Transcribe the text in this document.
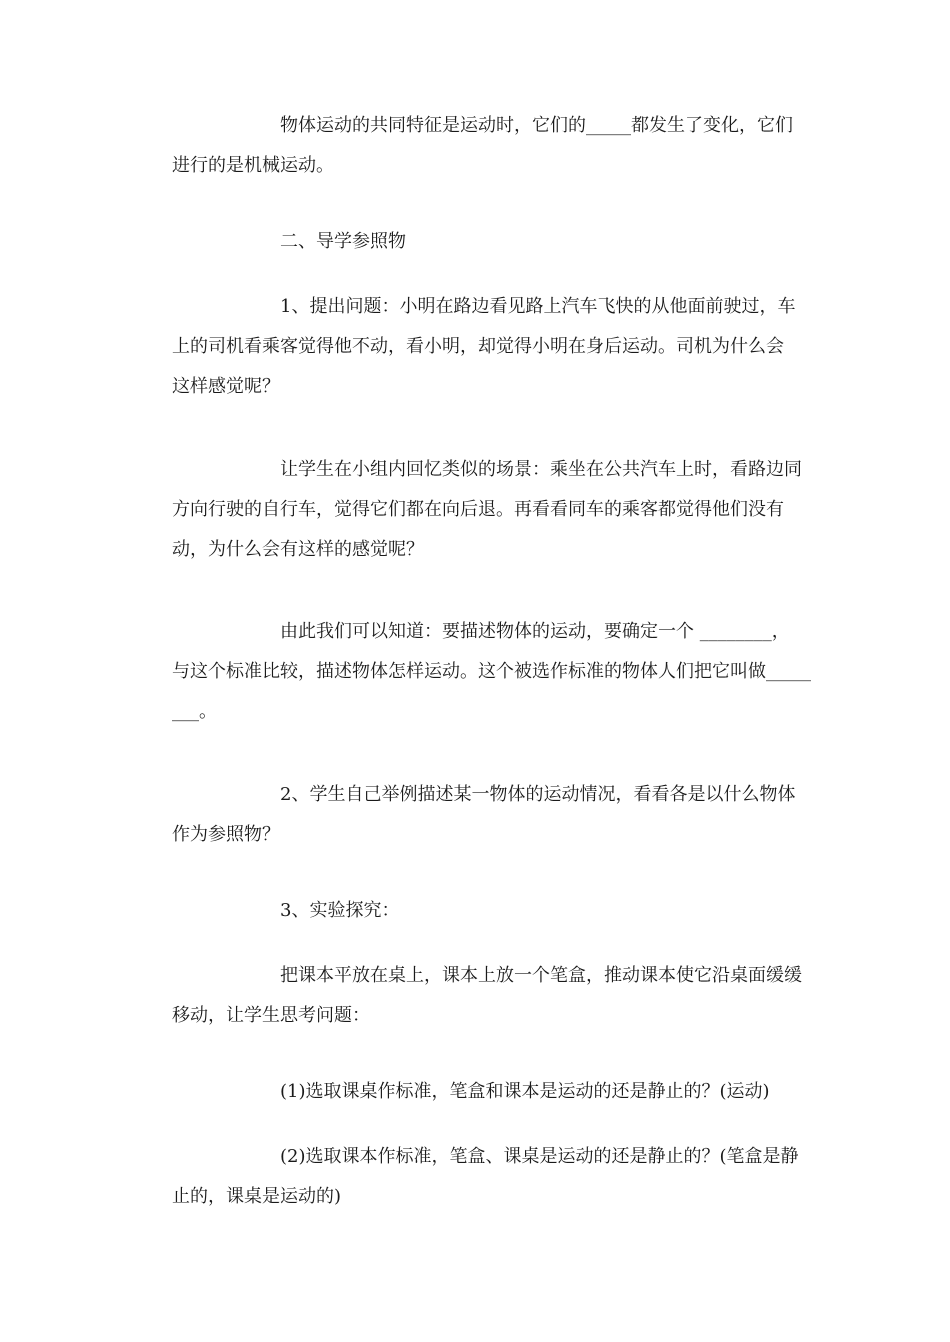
物体运动的共同特征是运动时，它们的_____都发生了变化，它们
进行的是机械运动。
二、导学参照物
1、提出问题：小明在路边看见路上汽车飞快的从他面前驶过，车
上的司机看乘客觉得他不动，看小明，却觉得小明在身后运动。司机为什么会
这样感觉呢？
让学生在小组内回忆类似的场景：乘坐在公共汽车上时，看路边同
方向行驶的自行车，觉得它们都在向后退。再看看同车的乘客都觉得他们没有
动，为什么会有这样的感觉呢？
由此我们可以知道：要描述物体的运动，要确定一个 ________，
与这个标准比较，描述物体怎样运动。这个被选作标准的物体人们把它叫做_____
___。
2、学生自己举例描述某一物体的运动情况，看看各是以什么物体
作为参照物？
3、实验探究：
把课本平放在桌上，课本上放一个笔盒，推动课本使它沿桌面缓缓
移动，让学生思考问题：
(1)选取课桌作标准，笔盒和课本是运动的还是静止的？(运动)
(2)选取课本作标准，笔盒、课桌是运动的还是静止的？(笔盒是静
止的，课桌是运动的)
